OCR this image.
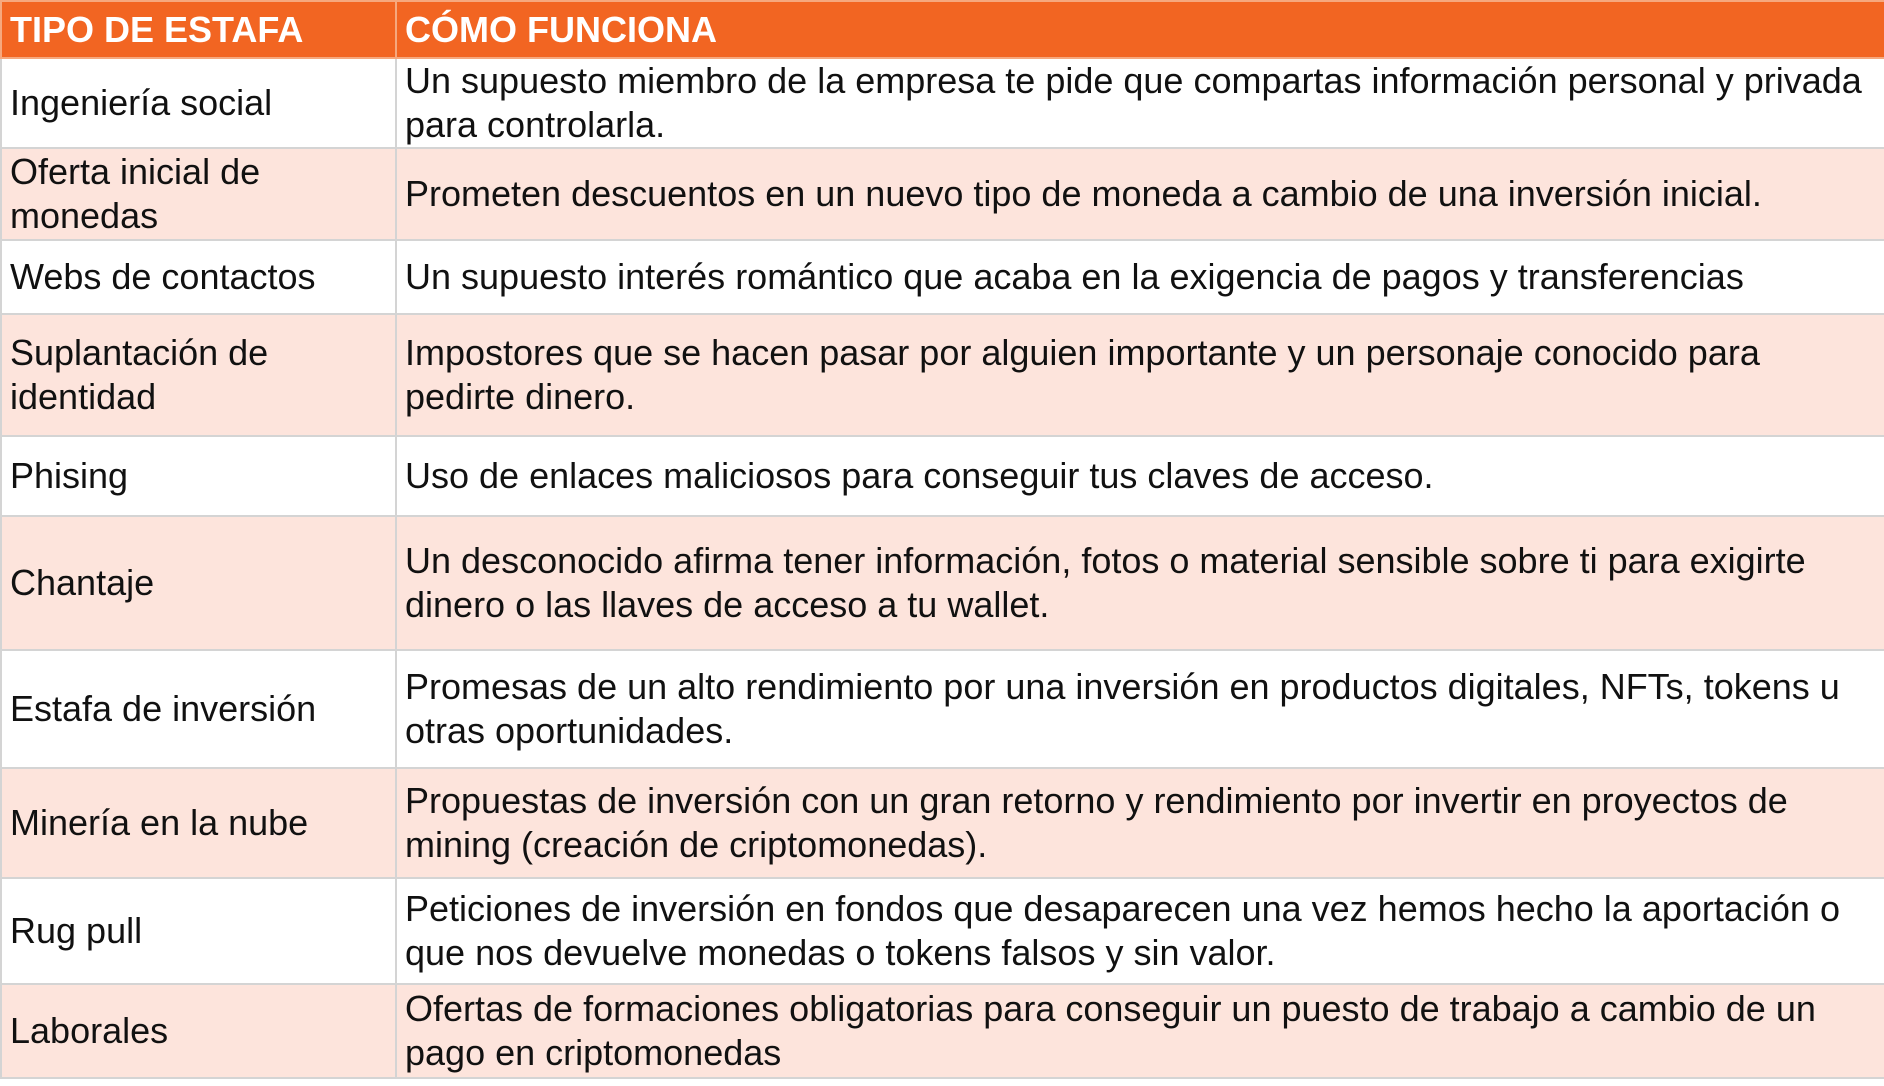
TIPO DE ESTAFA	CÓMO FUNCIONA
Ingeniería social	Un supuesto miembro de la empresa te pide que compartas información personal y privada para controlarla.
Oferta inicial de monedas	Prometen descuentos en un nuevo tipo de moneda a cambio de una inversión inicial.
Webs de contactos	Un supuesto interés romántico que acaba en la exigencia de pagos y transferencias
Suplantación de identidad	Impostores que se hacen pasar por alguien importante y un personaje conocido para pedirte dinero.
Phising	Uso de enlaces maliciosos para conseguir tus claves de acceso.
Chantaje	Un desconocido afirma tener información, fotos o material sensible sobre ti para exigirte dinero o las llaves de acceso a tu wallet.
Estafa de inversión	Promesas de un alto rendimiento por una inversión en productos digitales, NFTs, tokens u otras oportunidades.
Minería en la nube	Propuestas de inversión con un gran retorno y rendimiento por invertir en proyectos de mining (creación de criptomonedas).
Rug pull	Peticiones de inversión en fondos que desaparecen una vez hemos hecho la aportación o que nos devuelve monedas o tokens falsos y sin valor.
Laborales	Ofertas de formaciones obligatorias para conseguir un puesto de trabajo a cambio de un pago en criptomonedas
